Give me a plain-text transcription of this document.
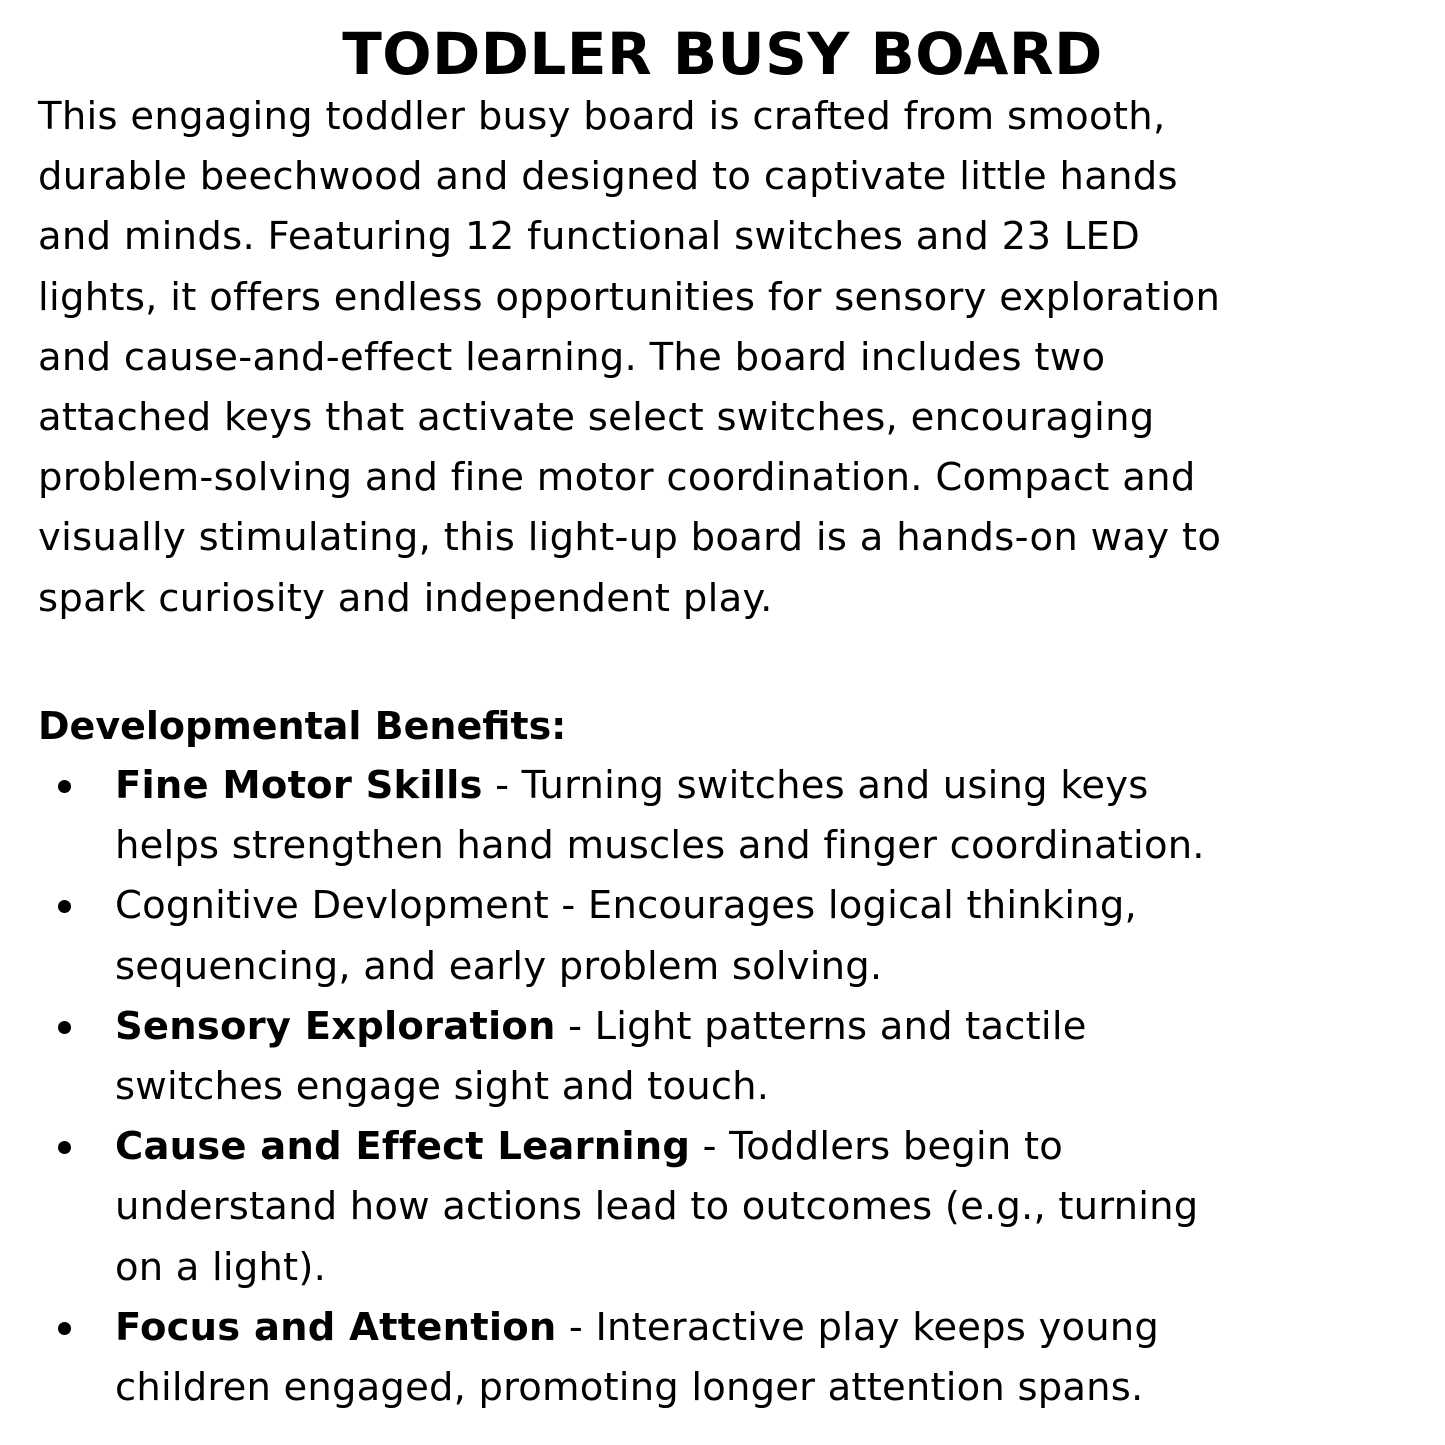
TODDLER BUSY BOARD

This engaging toddler busy board is crafted from smooth,
durable beechwood and designed to captivate little hands
and minds. Featuring 12 functional switches and 23 LED
lights, it offers endless opportunities for sensory exploration
and cause-and-effect learning. The board includes two
attached keys that activate select switches, encouraging
problem-solving and fine motor coordination. Compact and
visually stimulating, this light-up board is a hands-on way to
spark curiosity and independent play.

Developmental Benefits:
Fine Motor Skills - Turning switches and using keys
helps strengthen hand muscles and finger coordination.
Cognitive Devlopment - Encourages logical thinking,
sequencing, and early problem solving.
Sensory Exploration - Light patterns and tactile
switches engage sight and touch.
Cause and Effect Learning - Toddlers begin to
understand how actions lead to outcomes (e.g., turning
on a light).
Focus and Attention - Interactive play keeps young
children engaged, promoting longer attention spans.
